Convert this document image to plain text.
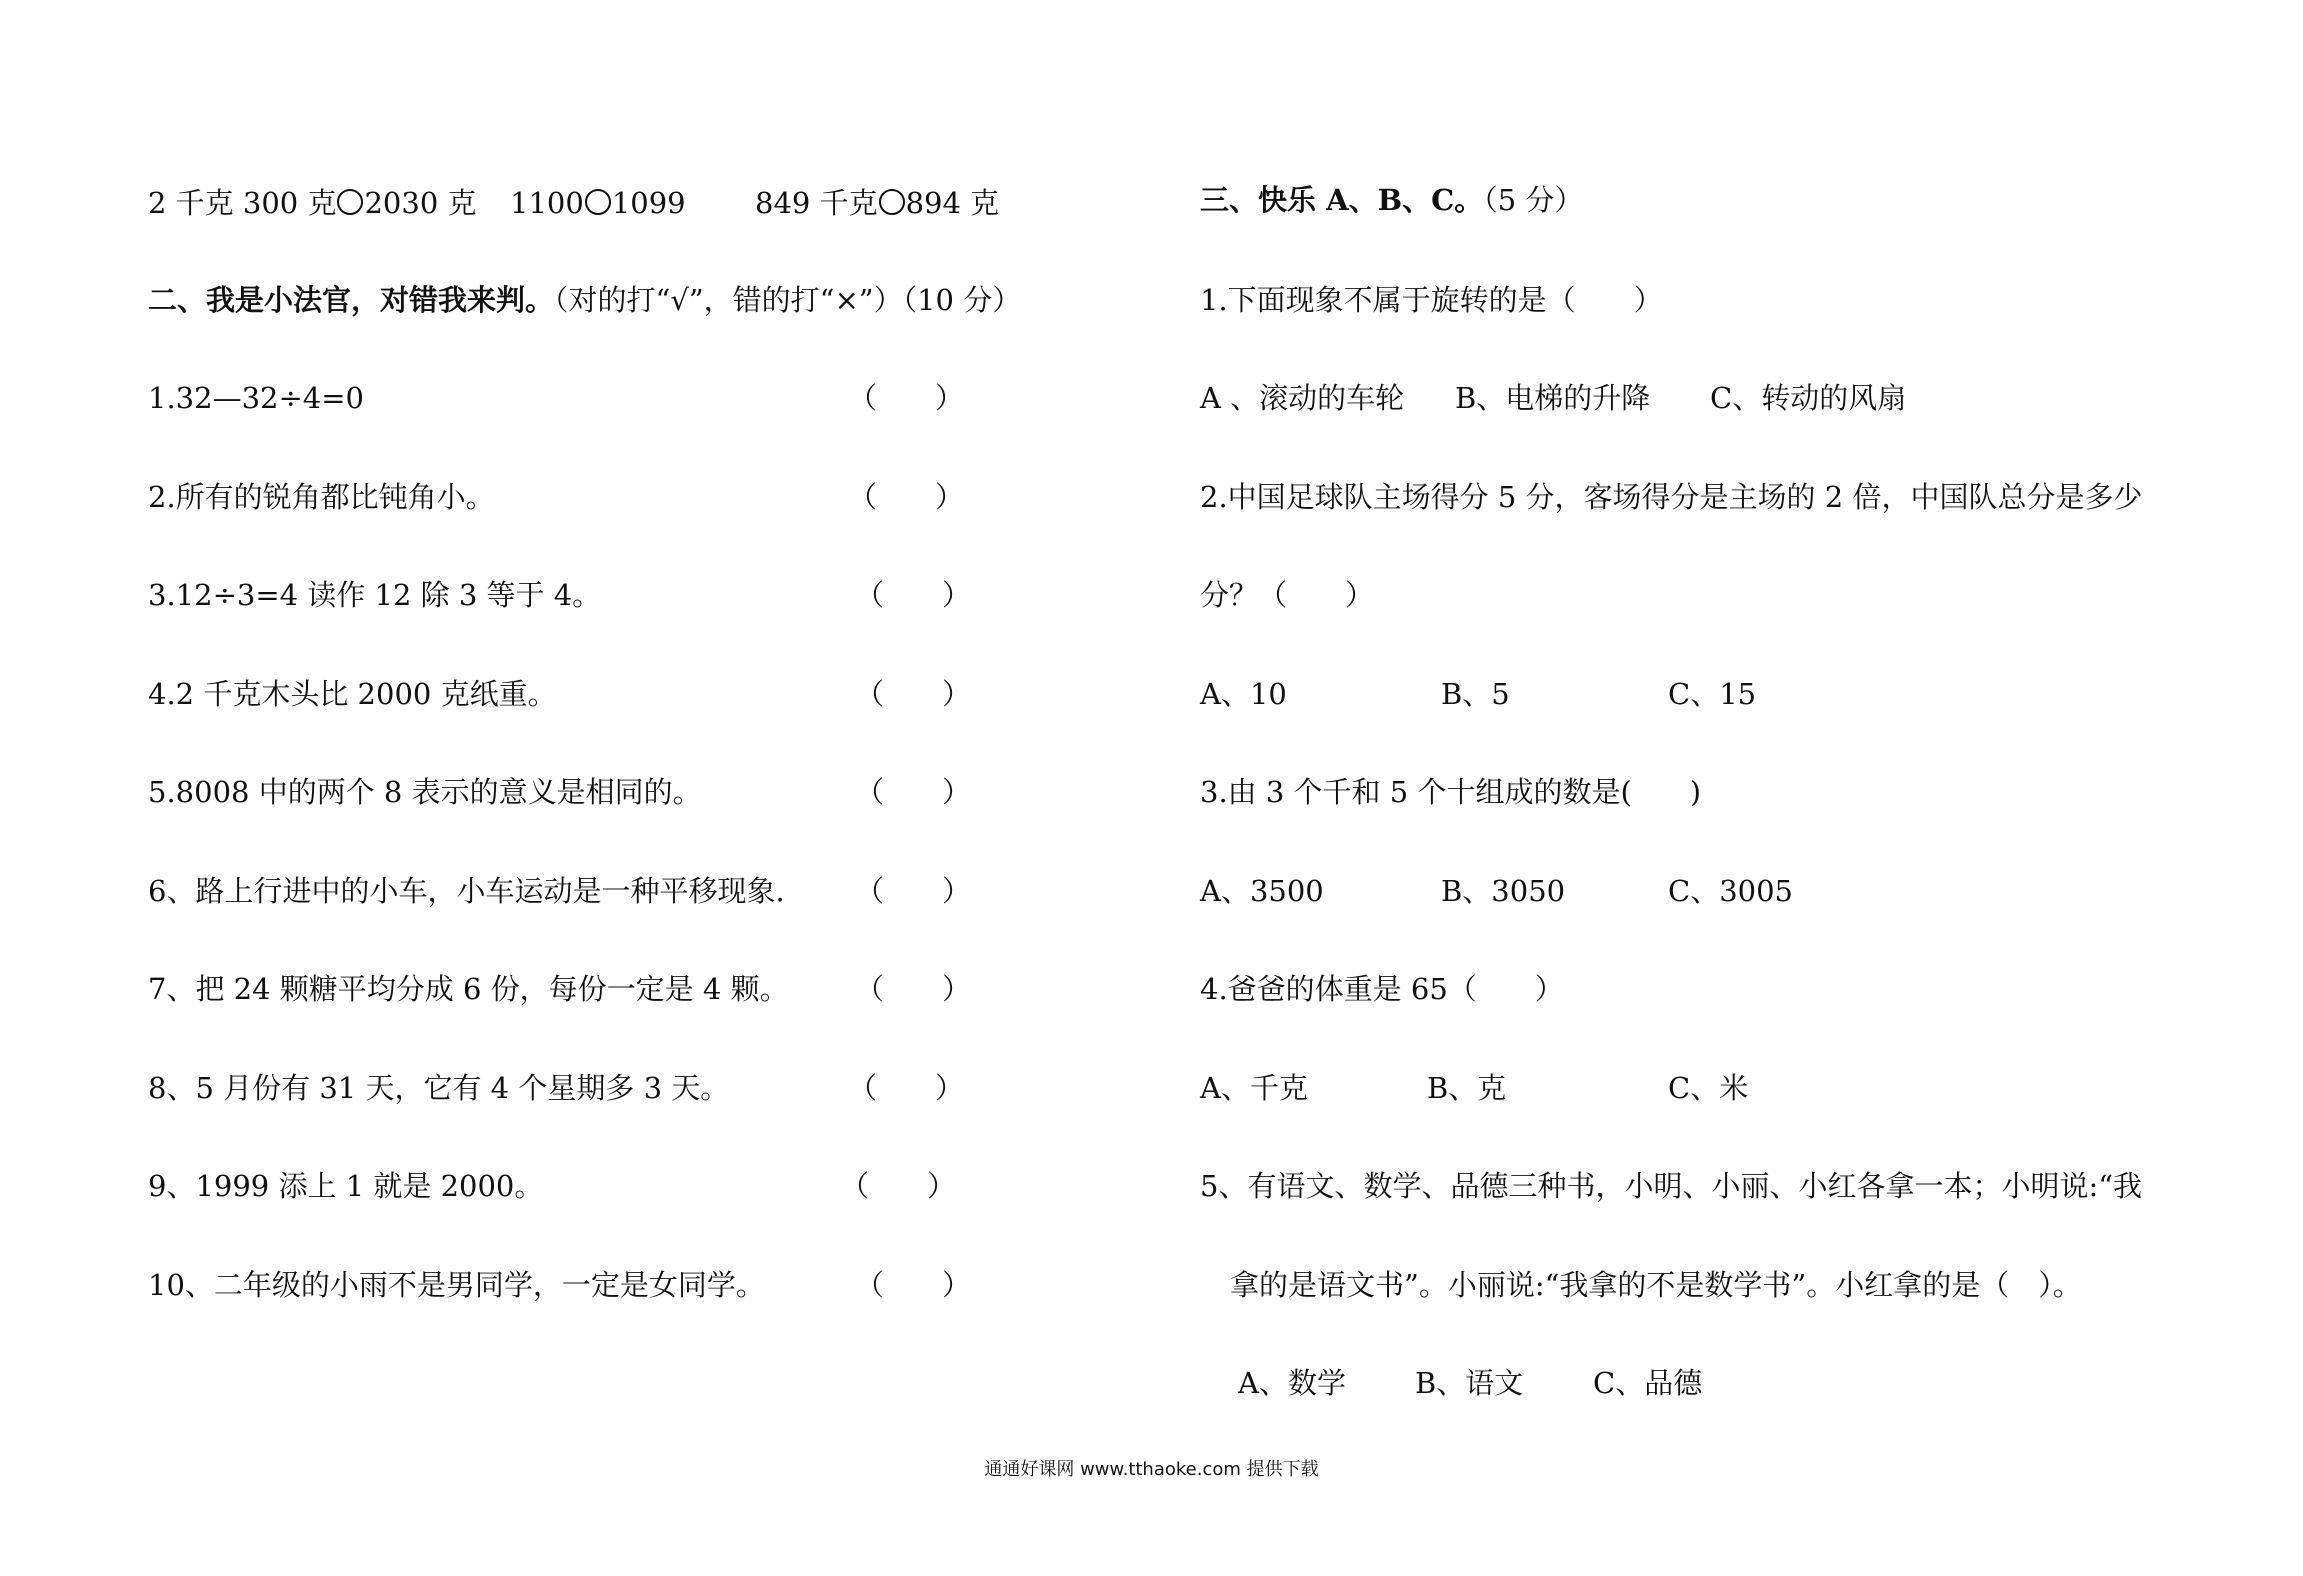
2 千克 300 克 2030 克 1100 1099 849 千克 894 克
二、我是小法官，对错我来判。（对的打“√”，错的打“×”）（10 分）
1.32—32÷4=0	（　　）
2.所有的锐角都比钝角小。	（　　）
3.12÷3=4 读作 12 除 3 等于 4。	（　　）
4.2 千克木头比 2000 克纸重。	（　　）
5.8008 中的两个 8 表示的意义是相同的。	（　　）
6、路上行进中的小车，小车运动是一种平移现象. （　　）
7、把 24 颗糖平均分成 6 份，每份一定是 4 颗。 （　　）
8、5 月份有 31 天，它有 4 个星期多 3 天。	（　　）
9、1999 添上 1 就是 2000。	（　　）
10、二年级的小雨不是男同学，一定是女同学。	（　　）
三、快乐 A、B、C。（5 分）
1.下面现象不属于旋转的是（　　）
A 、滚动的车轮 B、电梯的升降 C、转动的风扇
2.中国足球队主场得分 5 分，客场得分是主场的 2 倍，中国队总分是多少
分？（　　）
A、10	B、5	C、15
3.由 3 个千和 5 个十组成的数是(　　)
A、3500	B、3050	C、3005
4.爸爸的体重是 65（　　）
A、千克	B、克	C、米
5、有语文、数学、品德三种书，小明、小丽、小红各拿一本；小明说:“我
拿的是语文书”。小丽说:“我拿的不是数学书”。小红拿的是（　）。
A、数学 B、语文 C、品德
通通好课网 www.tthaoke.com 提供下载
